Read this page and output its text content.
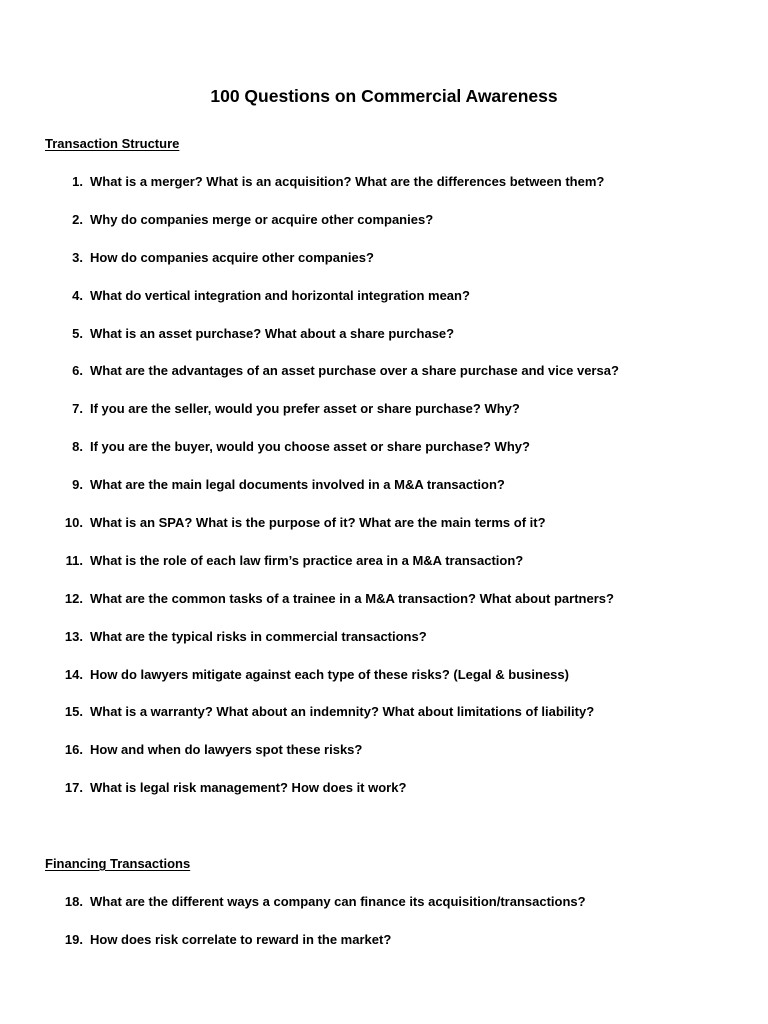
100 Questions on Commercial Awareness
Transaction Structure
1. What is a merger? What is an acquisition? What are the differences between them?
2. Why do companies merge or acquire other companies?
3. How do companies acquire other companies?
4. What do vertical integration and horizontal integration mean?
5. What is an asset purchase? What about a share purchase?
6. What are the advantages of an asset purchase over a share purchase and vice versa?
7. If you are the seller, would you prefer asset or share purchase? Why?
8. If you are the buyer, would you choose asset or share purchase? Why?
9. What are the main legal documents involved in a M&A transaction?
10. What is an SPA? What is the purpose of it? What are the main terms of it?
11. What is the role of each law firm’s practice area in a M&A transaction?
12. What are the common tasks of a trainee in a M&A transaction? What about partners?
13. What are the typical risks in commercial transactions?
14. How do lawyers mitigate against each type of these risks? (Legal & business)
15. What is a warranty? What about an indemnity? What about limitations of liability?
16. How and when do lawyers spot these risks?
17. What is legal risk management? How does it work?
Financing Transactions
18. What are the different ways a company can finance its acquisition/transactions?
19. How does risk correlate to reward in the market?
